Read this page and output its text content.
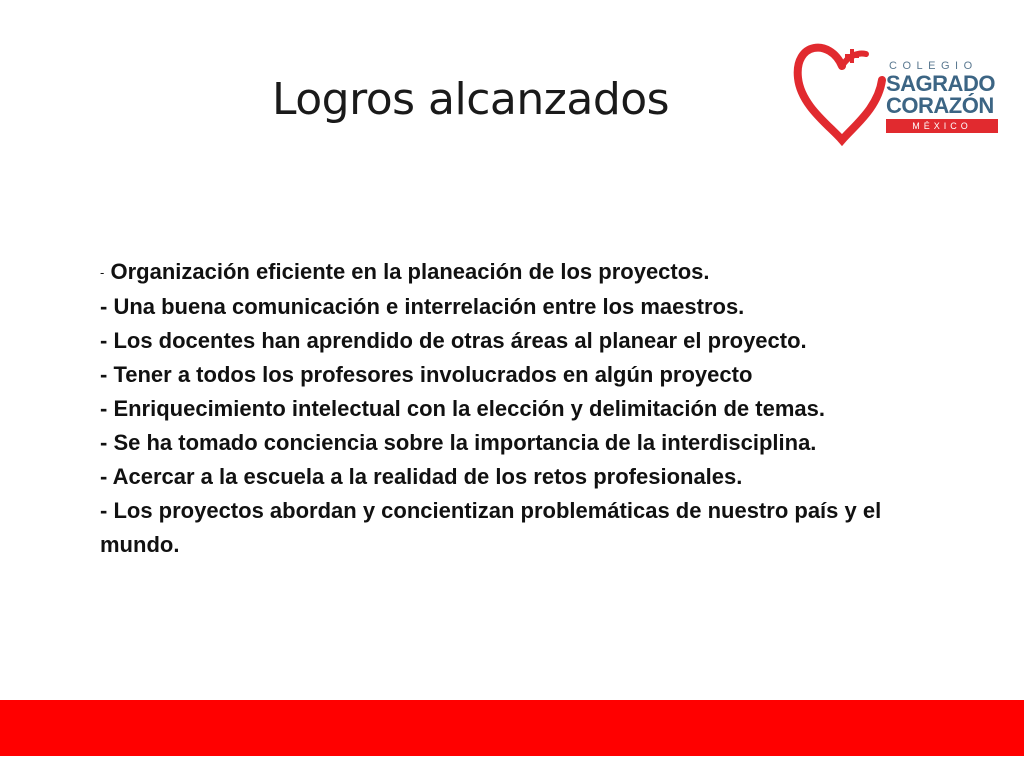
Logros alcanzados

COLEGIO

SAGRADO

CORAZÓN

MÉXICO

- Organización eficiente en la planeación de los proyectos.

- Una buena comunicación e interrelación entre los maestros.

- Los docentes han aprendido de otras áreas al planear el proyecto.

- Tener a todos los profesores involucrados en algún proyecto

- Enriquecimiento intelectual con la elección y delimitación de temas.

- Se ha tomado conciencia sobre la importancia de la interdisciplina.

- Acercar a la escuela a la realidad de los retos profesionales.

- Los proyectos abordan y concientizan problemáticas de nuestro país y el mundo.
